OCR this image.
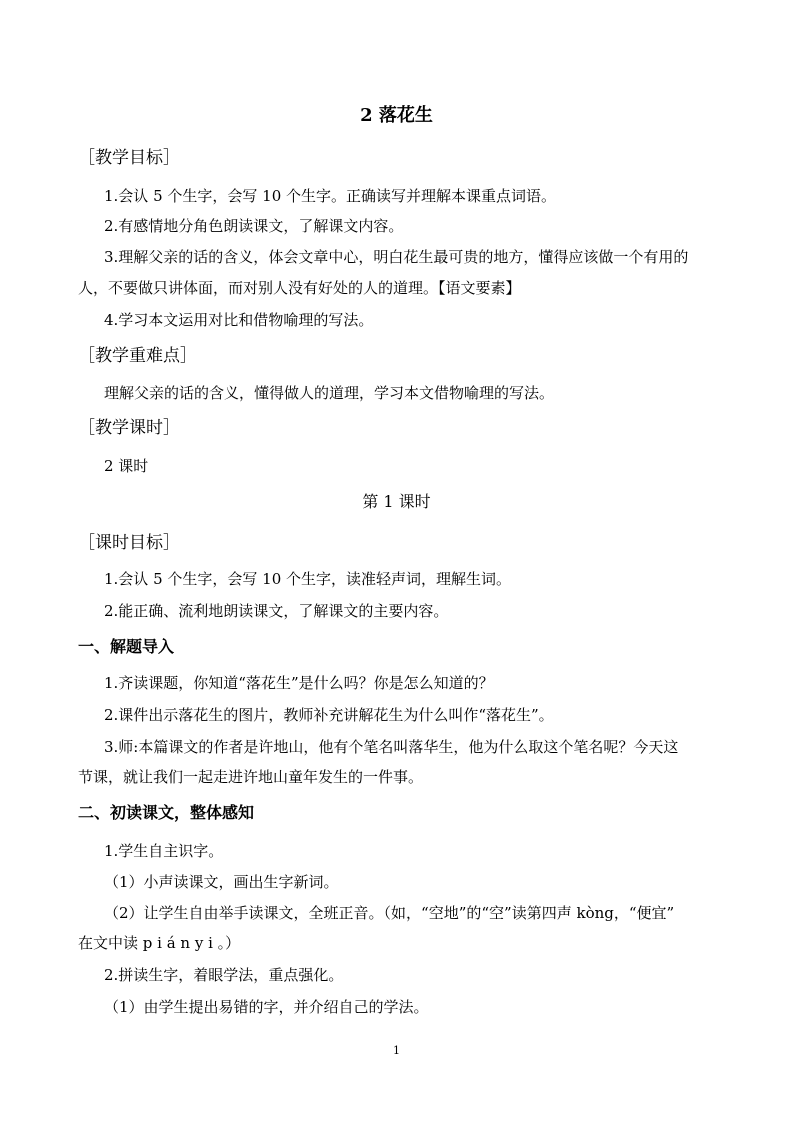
2 落花生
［教学目标］
1.会认 5 个生字，会写 10 个生字。正确读写并理解本课重点词语。
2.有感情地分角色朗读课文，了解课文内容。
3.理解父亲的话的含义，体会文章中心，明白花生最可贵的地方，懂得应该做一个有用的
人，不要做只讲体面，而对别人没有好处的人的道理。【语文要素】
4.学习本文运用对比和借物喻理的写法。
［教学重难点］
理解父亲的话的含义，懂得做人的道理，学习本文借物喻理的写法。
［教学课时］
2 课时
第 1 课时
［课时目标］
1.会认 5 个生字，会写 10 个生字，读准轻声词，理解生词。
2.能正确、流利地朗读课文，了解课文的主要内容。
一、解题导入
1.齐读课题，你知道“落花生”是什么吗？你是怎么知道的？
2.课件出示落花生的图片，教师补充讲解花生为什么叫作“落花生”。
3.师:本篇课文的作者是许地山，他有个笔名叫落华生，他为什么取这个笔名呢？今天这
节课，就让我们一起走进许地山童年发生的一件事。
二、初读课文，整体感知
1.学生自主识字。
（1）小声读课文，画出生字新词。
（2）让学生自由举手读课文，全班正音。（如，“空地”的“空”读第四声 kòng，“便宜”
在文中读 p i á n y i 。）
2.拼读生字，着眼学法，重点强化。
（1）由学生提出易错的字，并介绍自己的学法。
1
